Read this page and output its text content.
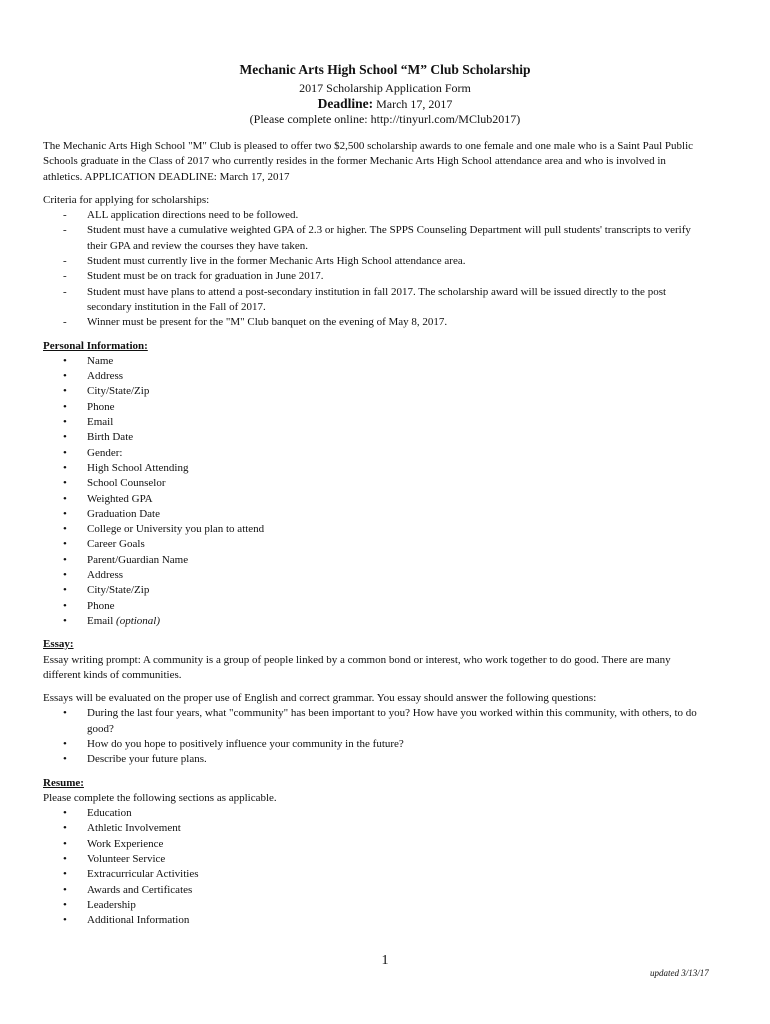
Mechanic Arts High School “M” Club Scholarship
2017 Scholarship Application Form
Deadline: March 17, 2017
(Please complete online: http://tinyurl.com/MClub2017)

The Mechanic Arts High School "M" Club is pleased to offer two $2,500 scholarship awards to one female and one male who is a Saint Paul Public Schools graduate in the Class of 2017 who currently resides in the former Mechanic Arts High School attendance area and who is involved in athletics. APPLICATION DEADLINE: March 17, 2017

Criteria for applying for scholarships:

- ALL application directions need to be followed.
- Student must have a cumulative weighted GPA of 2.3 or higher. The SPPS Counseling Department will pull students' transcripts to verify their GPA and review the courses they have taken.
- Student must currently live in the former Mechanic Arts High School attendance area.
- Student must be on track for graduation in June 2017.
- Student must have plans to attend a post-secondary institution in fall 2017. The scholarship award will be issued directly to the post secondary institution in the Fall of 2017.
- Winner must be present for the "M" Club banquet on the evening of May 8, 2017.

Personal Information:

• Name
• Address
• City/State/Zip
• Phone
• Email
• Birth Date
• Gender:
• High School Attending
• School Counselor
• Weighted GPA
• Graduation Date
• College or University you plan to attend
• Career Goals
• Parent/Guardian Name
• Address
• City/State/Zip
• Phone
• Email (optional)

Essay:

Essay writing prompt: A community is a group of people linked by a common bond or interest, who work together to do good. There are many different kinds of communities.

Essays will be evaluated on the proper use of English and correct grammar. You essay should answer the following questions:

• During the last four years, what "community" has been important to you? How have you worked within this community, with others, to do good?
• How do you hope to positively influence your community in the future?
• Describe your future plans.

Resume:

Please complete the following sections as applicable.

• Education
• Athletic Involvement
• Work Experience
• Volunteer Service
• Extracurricular Activities
• Awards and Certificates
• Leadership
• Additional Information
1
updated 3/13/17
